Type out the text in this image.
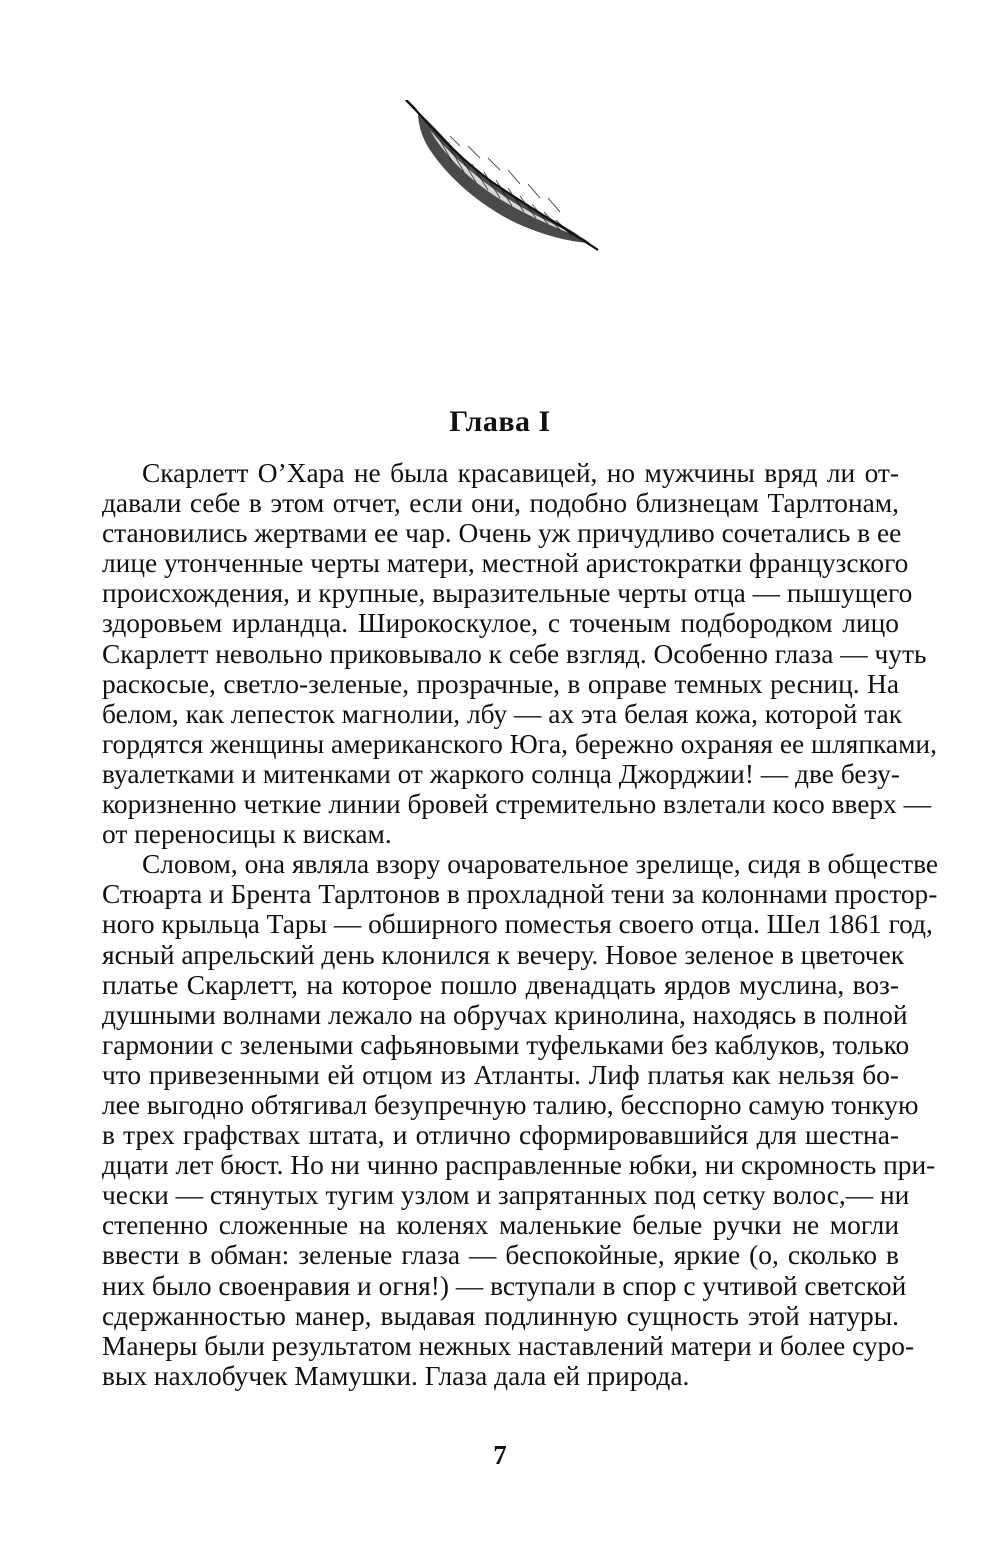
Глава I
Скарлетт О’Хара не была красавицей, но мужчины вряд ли от-
давали себе в этом отчет, если они, подобно близнецам Тарлтонам,
становились жертвами ее чар. Очень уж причудливо сочетались в ее
лице утонченные черты матери, местной аристократки французского
происхождения, и крупные, выразительные черты отца — пышущего
здоровьем ирландца. Широкоскулое, с точеным подбородком лицо
Скарлетт невольно приковывало к себе взгляд. Особенно глаза — чуть
раскосые, светло-зеленые, прозрачные, в оправе темных ресниц. На
белом, как лепесток магнолии, лбу — ах эта белая кожа, которой так
гордятся женщины американского Юга, бережно охраняя ее шляпками,
вуалетками и митенками от жаркого солнца Джорджии! — две безу-
коризненно четкие линии бровей стремительно взлетали косо вверх —
от переносицы к вискам.
Словом, она являла взору очаровательное зрелище, сидя в обществе
Стюарта и Брента Тарлтонов в прохладной тени за колоннами простор-
ного крыльца Тары — обширного поместья своего отца. Шел 1861 год,
ясный апрельский день клонился к вечеру. Новое зеленое в цветочек
платье Скарлетт, на которое пошло двенадцать ярдов муслина, воз-
душными волнами лежало на обручах кринолина, находясь в полной
гармонии с зелеными сафьяновыми туфельками без каблуков, только
что привезенными ей отцом из Атланты. Лиф платья как нельзя бо-
лее выгодно обтягивал безупречную талию, бесспорно самую тонкую
в трех графствах штата, и отлично сформировавшийся для шестна-
дцати лет бюст. Но ни чинно расправленные юбки, ни скромность при-
чески — стянутых тугим узлом и запрятанных под сетку волос,— ни
степенно сложенные на коленях маленькие белые ручки не могли
ввести в обман: зеленые глаза — беспокойные, яркие (о, сколько в
них было своенравия и огня!) — вступали в спор с учтивой светской
сдержанностью манер, выдавая подлинную сущность этой натуры.
Манеры были результатом нежных наставлений матери и более суро-
вых нахлобучек Мамушки. Глаза дала ей природа.
7
